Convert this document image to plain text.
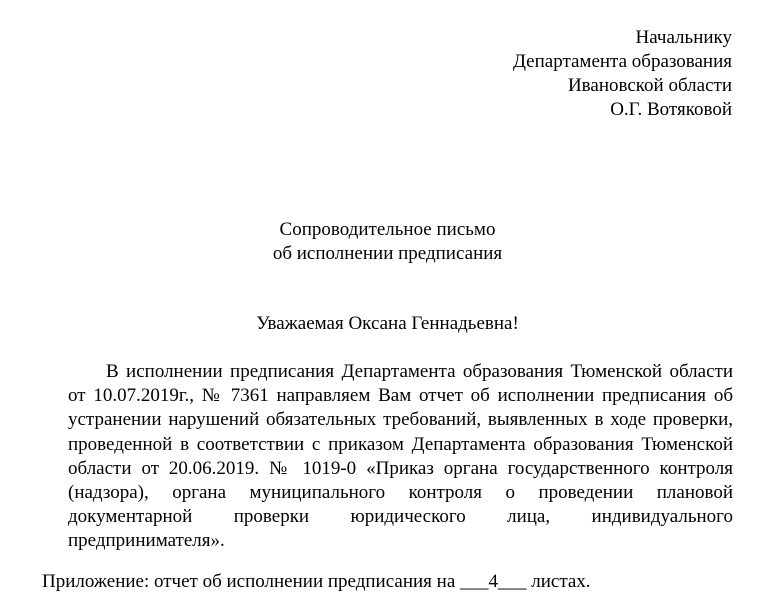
Начальнику
Департамента образования
Ивановской области
О.Г. Вотяковой
Сопроводительное письмо
об исполнении предписания
Уважаемая Оксана Геннадьевна!

В исполнении предписания Департамента образования Тюменской области от 10.07.2019г., № 7361 направляем Вам отчет об исполнении предписания об устранении нарушений обязательных требований, выявленных в ходе проверки, проведенной в соответствии с приказом Департамента образования Тюменской области от 20.06.2019. № 1019-0 «Приказ органа государственного контроля (надзора), органа муниципального контроля о проведении плановой документарной проверки юридического лица, индивидуального предпринимателя».

Приложение: отчет об исполнении предписания на ___4___ листах.
